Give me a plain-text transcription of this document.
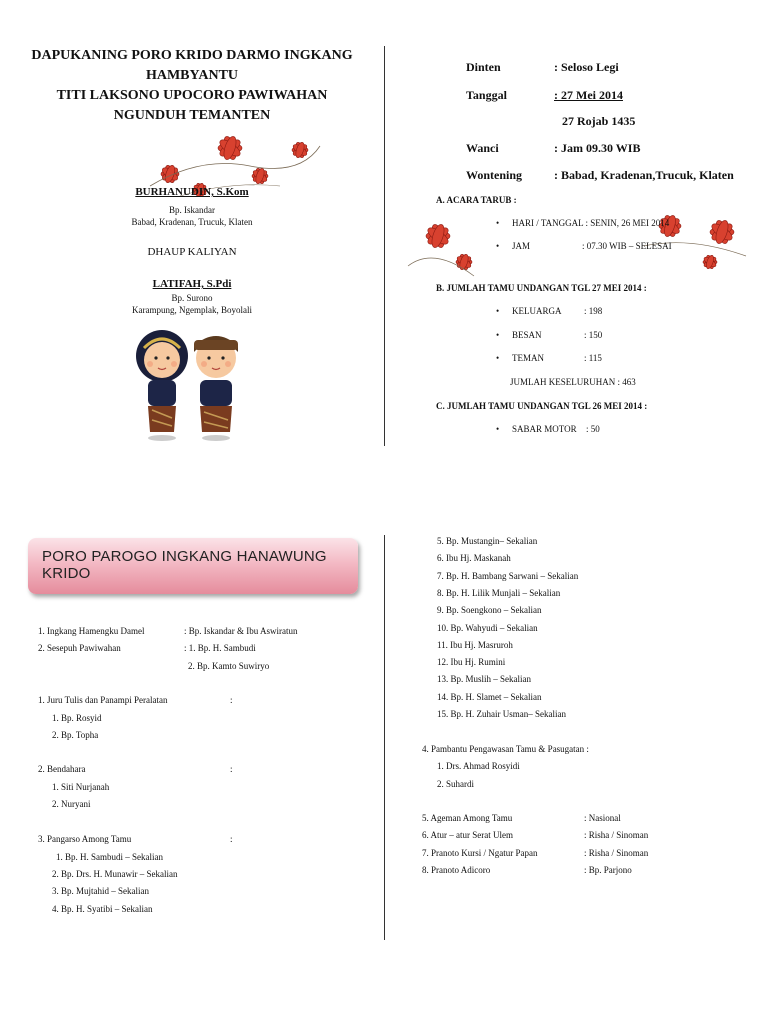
DAPUKANING PORO KRIDO DARMO INGKANG
HAMBYANTU
TITI LAKSONO UPOCORO PAWIWAHAN
NGUNDUH TEMANTEN
BURHANUDIN, S.Kom
Bp. Iskandar
Babad, Kradenan, Trucuk, Klaten
DHAUP KALIYAN
LATIFAH, S.Pdi
Bp. Surono
Karampung, Ngemplak, Boyolali
Dinten	: Seloso Legi
Tanggal	: 27 Mei 2014
27 Rojab 1435
Wanci	: Jam 09.30 WIB
Wontening	: Babad, Kradenan,Trucuk, Klaten
A. ACARA TARUB :
• HARI / TANGGAL : SENIN, 26 MEI 2014
• JAM	: 07.30 WIB – SELESAI
B. JUMLAH TAMU UNDANGAN TGL 27 MEI 2014 :
• KELUARGA	: 198
• BESAN	: 150
• TEMAN	: 115
JUMLAH KESELURUHAN : 463
C. JUMLAH TAMU UNDANGAN TGL 26 MEI 2014 :
• SABAR MOTOR : 50
PORO PAROGO INGKANG HANAWUNG KRIDO
1. Ingkang Hamengku Damel	: Bp. Iskandar & Ibu Aswiratun
2. Sesepuh Pawiwahan	: 1. Bp. H. Sambudi
2. Bp. Kamto Suwiryo
1. Juru Tulis dan Panampi Peralatan	:
1. Bp. Rosyid
2. Bp. Topha
2. Bendahara	:
1. Siti Nurjanah
2. Nuryani
3. Pangarso Among Tamu	:
1. Bp. H. Sambudi – Sekalian
2. Bp. Drs. H. Munawir – Sekalian
3. Bp. Mujtahid – Sekalian
4. Bp. H. Syatibi – Sekalian
5. Bp. Mustangin– Sekalian
6. Ibu Hj. Maskanah
7. Bp. H. Bambang Sarwani – Sekalian
8. Bp. H. Lilik Munjali – Sekalian
9. Bp. Soengkono – Sekalian
10. Bp. Wahyudi – Sekalian
11. Ibu Hj. Masruroh
12. Ibu Hj. Rumini
13. Bp. Muslih – Sekalian
14. Bp. H. Slamet – Sekalian
15. Bp. H. Zuhair Usman– Sekalian
4. Pambantu Pengawasan Tamu & Pasugatan :
1. Drs. Ahmad Rosyidi
2. Suhardi
5. Ageman Among Tamu	: Nasional
6. Atur – atur Serat Ulem	: Risha / Sinoman
7. Pranoto Kursi / Ngatur Papan	: Risha / Sinoman
8. Pranoto Adicoro	: Bp. Parjono
